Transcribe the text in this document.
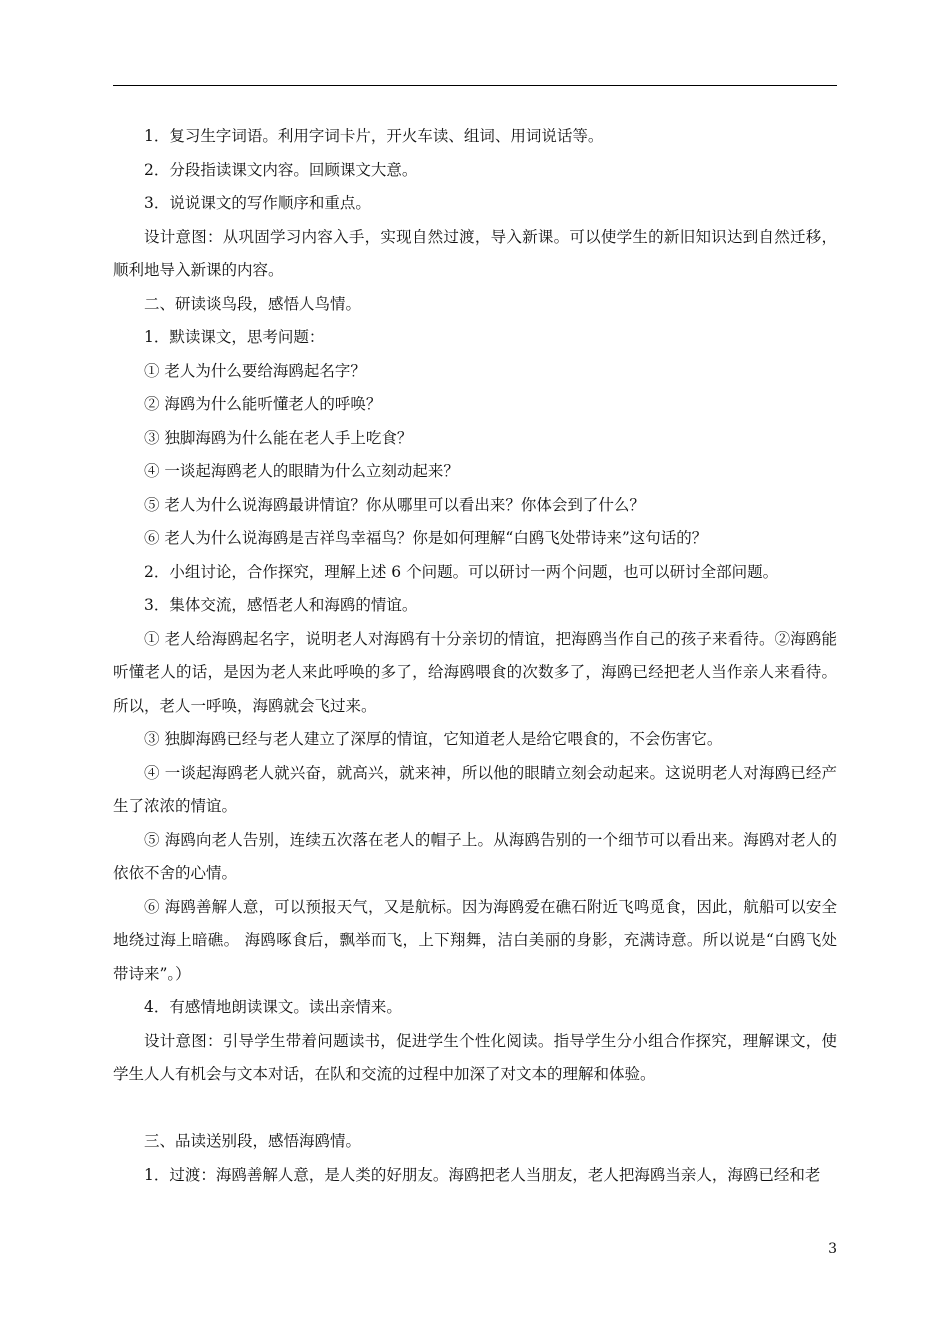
1．复习生字词语。利用字词卡片，开火车读、组词、用词说话等。

2．分段指读课文内容。回顾课文大意。

3．说说课文的写作顺序和重点。

设计意图：从巩固学习内容入手，实现自然过渡，导入新课。可以使学生的新旧知识达到自然迁移，顺利地导入新课的内容。

二、研读谈鸟段，感悟人鸟情。

1．默读课文，思考问题：

① 老人为什么要给海鸥起名字？

② 海鸥为什么能听懂老人的呼唤？

③ 独脚海鸥为什么能在老人手上吃食？

④ 一谈起海鸥老人的眼睛为什么立刻动起来？

⑤ 老人为什么说海鸥最讲情谊？你从哪里可以看出来？你体会到了什么？

⑥ 老人为什么说海鸥是吉祥鸟幸福鸟？你是如何理解“白鸥飞处带诗来”这句话的？

2．小组讨论，合作探究，理解上述 6 个问题。可以研讨一两个问题，也可以研讨全部问题。

3．集体交流，感悟老人和海鸥的情谊。

① 老人给海鸥起名字，说明老人对海鸥有十分亲切的情谊，把海鸥当作自己的孩子来看待。②海鸥能听懂老人的话，是因为老人来此呼唤的多了，给海鸥喂食的次数多了，海鸥已经把老人当作亲人来看待。所以，老人一呼唤，海鸥就会飞过来。

③ 独脚海鸥已经与老人建立了深厚的情谊，它知道老人是给它喂食的，不会伤害它。

④ 一谈起海鸥老人就兴奋，就高兴，就来神，所以他的眼睛立刻会动起来。这说明老人对海鸥已经产生了浓浓的情谊。

⑤ 海鸥向老人告别，连续五次落在老人的帽子上。从海鸥告别的一个细节可以看出来。海鸥对老人的依依不舍的心情。

⑥ 海鸥善解人意，可以预报天气，又是航标。因为海鸥爱在礁石附近飞鸣觅食，因此，航船可以安全地绕过海上暗礁。 海鸥啄食后，飘举而飞，上下翔舞，洁白美丽的身影，充满诗意。所以说是“白鸥飞处带诗来”。）

4．有感情地朗读课文。读出亲情来。

设计意图：引导学生带着问题读书，促进学生个性化阅读。指导学生分小组合作探究，理解课文，使学生人人有机会与文本对话，在队和交流的过程中加深了对文本的理解和体验。

三、品读送别段，感悟海鸥情。

1．过渡：海鸥善解人意，是人类的好朋友。海鸥把老人当朋友，老人把海鸥当亲人，海鸥已经和老

3
